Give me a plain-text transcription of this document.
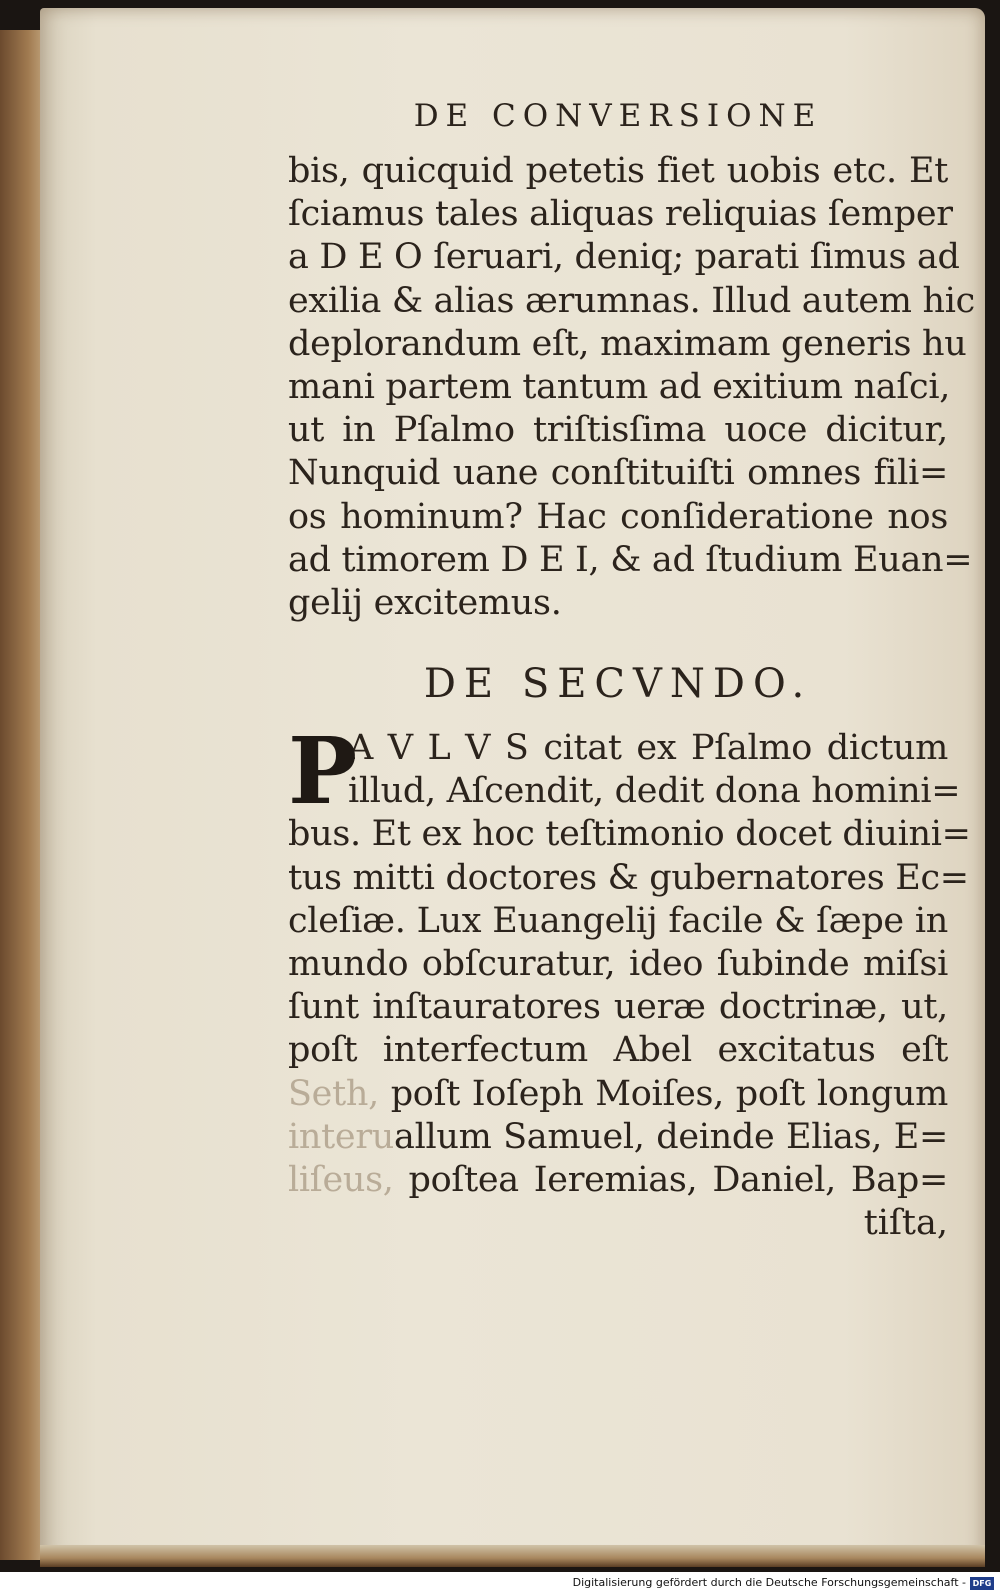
DE CONVERSIONE
bis, quicquid petetis fiet uobis etc. Et
ſciamus tales aliquas reliquias ſemper
a D E O ſeruari, deniq; parati ſimus ad
exilia & alias ærumnas. Illud autem hic
deplorandum eſt, maximam generis hu
mani partem tantum ad exitium naſci,
ut in Pſalmo triſtisſima uoce dicitur,
Nunquid uane conſtituiſti omnes fili=
os hominum? Hac conſideratione nos
ad timorem D E I, & ad ſtudium Euan=
gelij excitemus.
DE SECVNDO.
P
A V L V S citat ex Pſalmo dictum
illud, Aſcendit, dedit dona homini=
bus. Et ex hoc teſtimonio docet diuini=
tus mitti doctores & gubernatores Ec=
cleſiæ. Lux Euangelij facile & ſæpe in
mundo obſcuratur, ideo ſubinde miſsi
ſunt inſtauratores ueræ doctrinæ, ut,
poſt interfectum Abel excitatus eſt
Seth, poſt Ioſeph Moiſes, poſt longum
interuallum Samuel, deinde Elias, E=
liſeus, poſtea Ieremias, Daniel, Bap=
tiſta,
Digitalisierung gefördert durch die Deutsche Forschungsgemeinschaft - DFG
